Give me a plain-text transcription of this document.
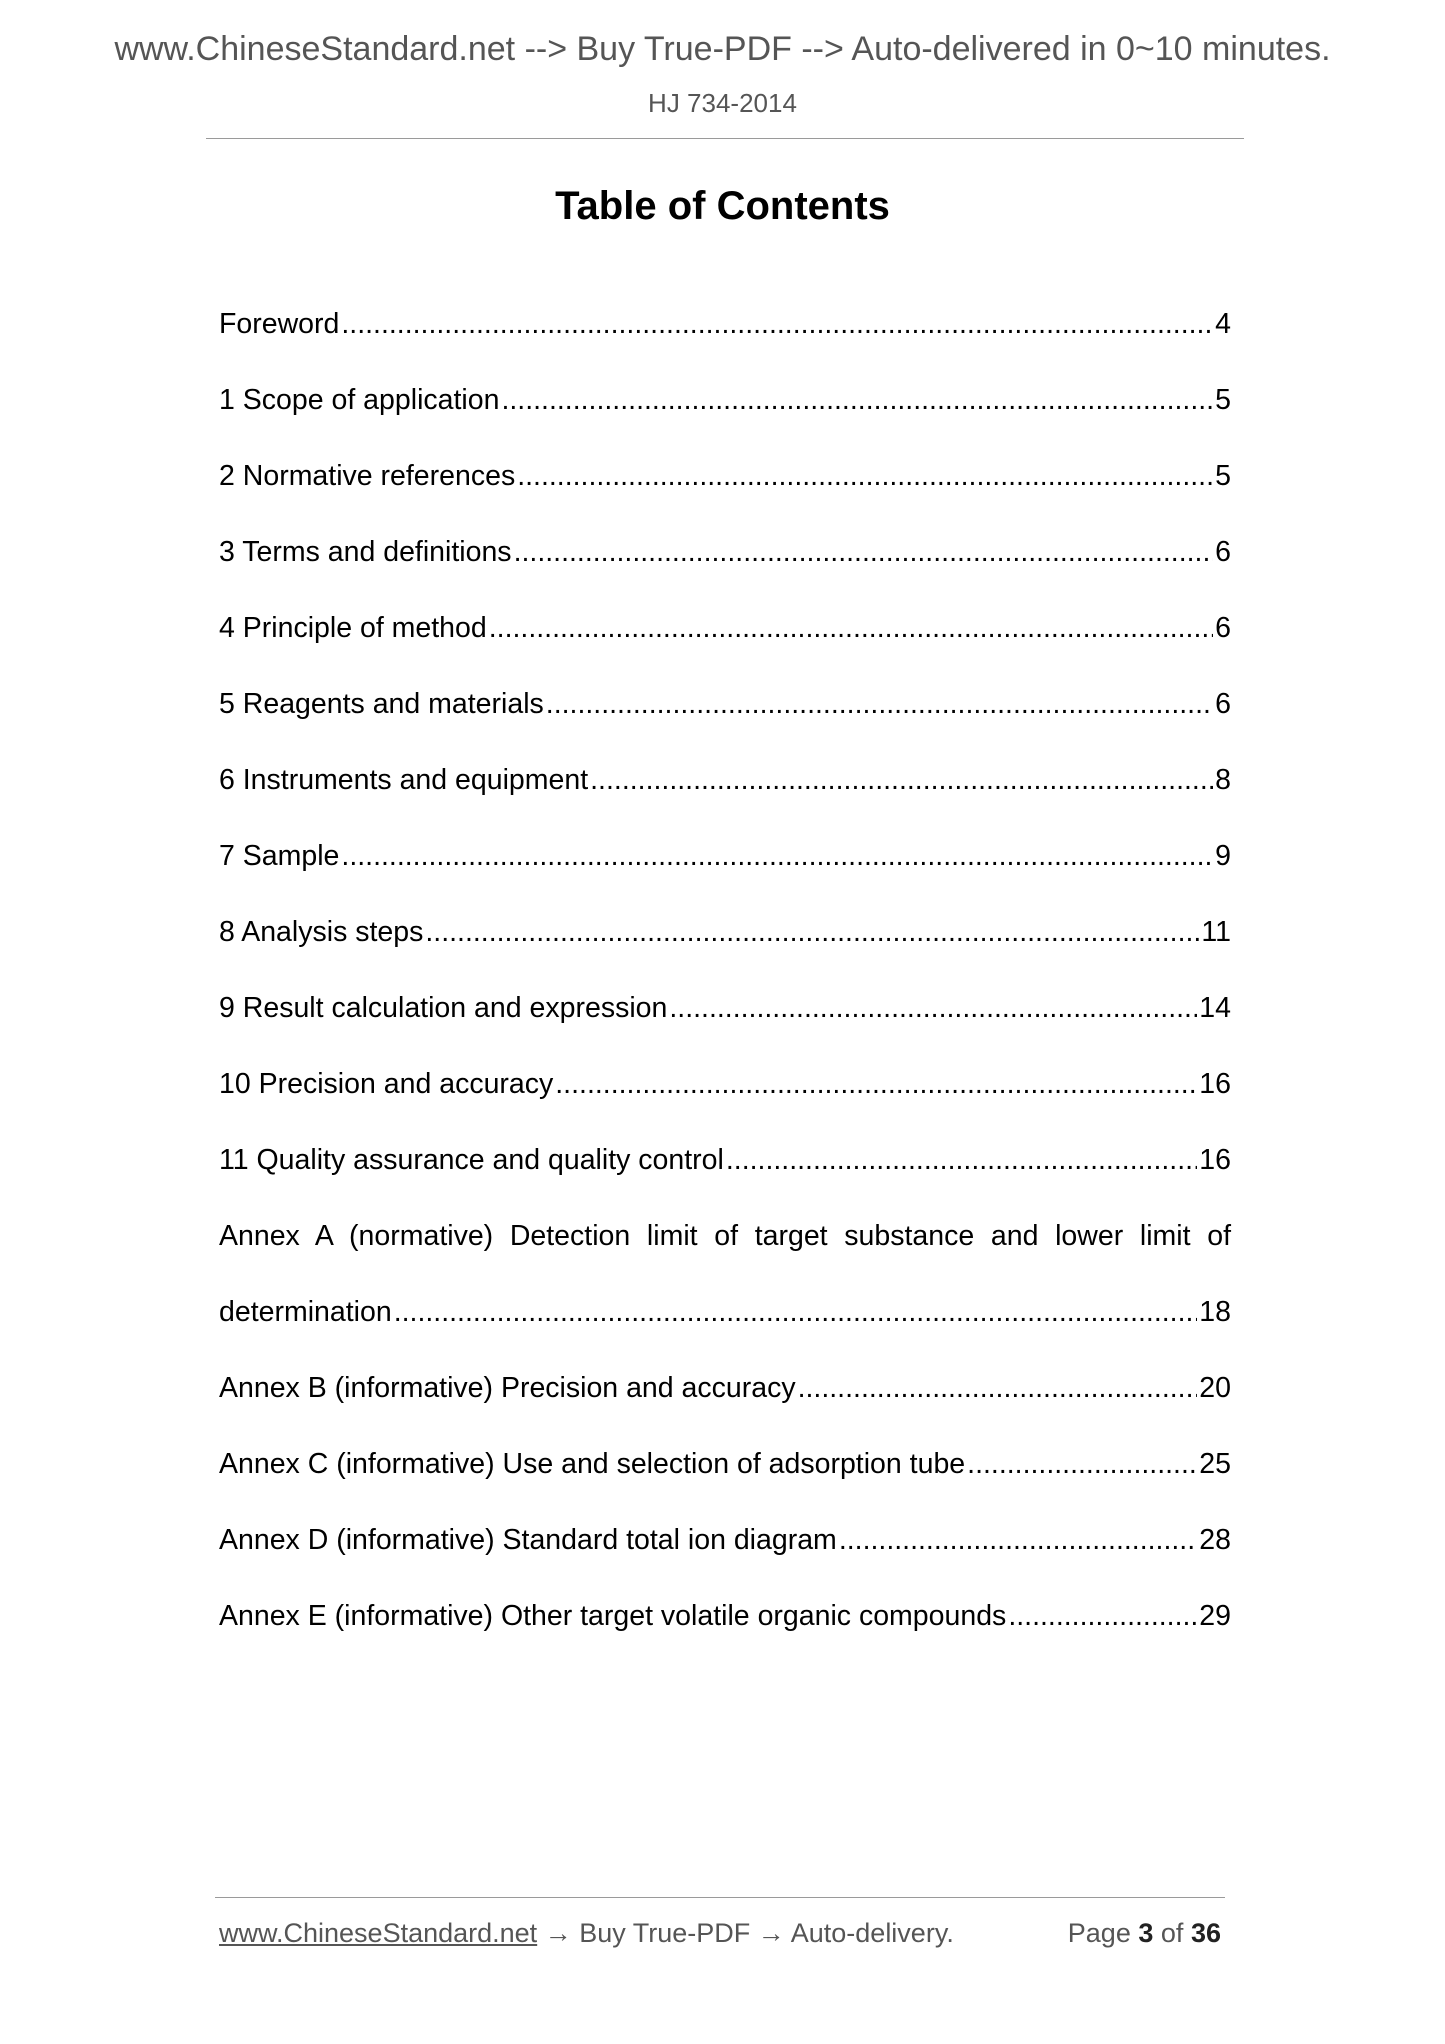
www.ChineseStandard.net --> Buy True-PDF --> Auto-delivered in 0~10 minutes.
HJ 734-2014
Table of Contents
Foreword .....	4
1 Scope of application .....	5
2 Normative references .....	5
3 Terms and definitions .....	6
4 Principle of method .....	6
5 Reagents and materials .....	6
6 Instruments and equipment .....	8
7 Sample .....	9
8 Analysis steps .....	11
9 Result calculation and expression .....	14
10 Precision and accuracy .....	16
11 Quality assurance and quality control .....	16
Annex A (normative) Detection limit of target substance and lower limit of
determination .....	18
Annex B (informative) Precision and accuracy .....	20
Annex C (informative) Use and selection of adsorption tube .....	25
Annex D (informative) Standard total ion diagram .....	28
Annex E (informative) Other target volatile organic compounds .....	29
www.ChineseStandard.net → Buy True-PDF → Auto-delivery.	Page 3 of 36
